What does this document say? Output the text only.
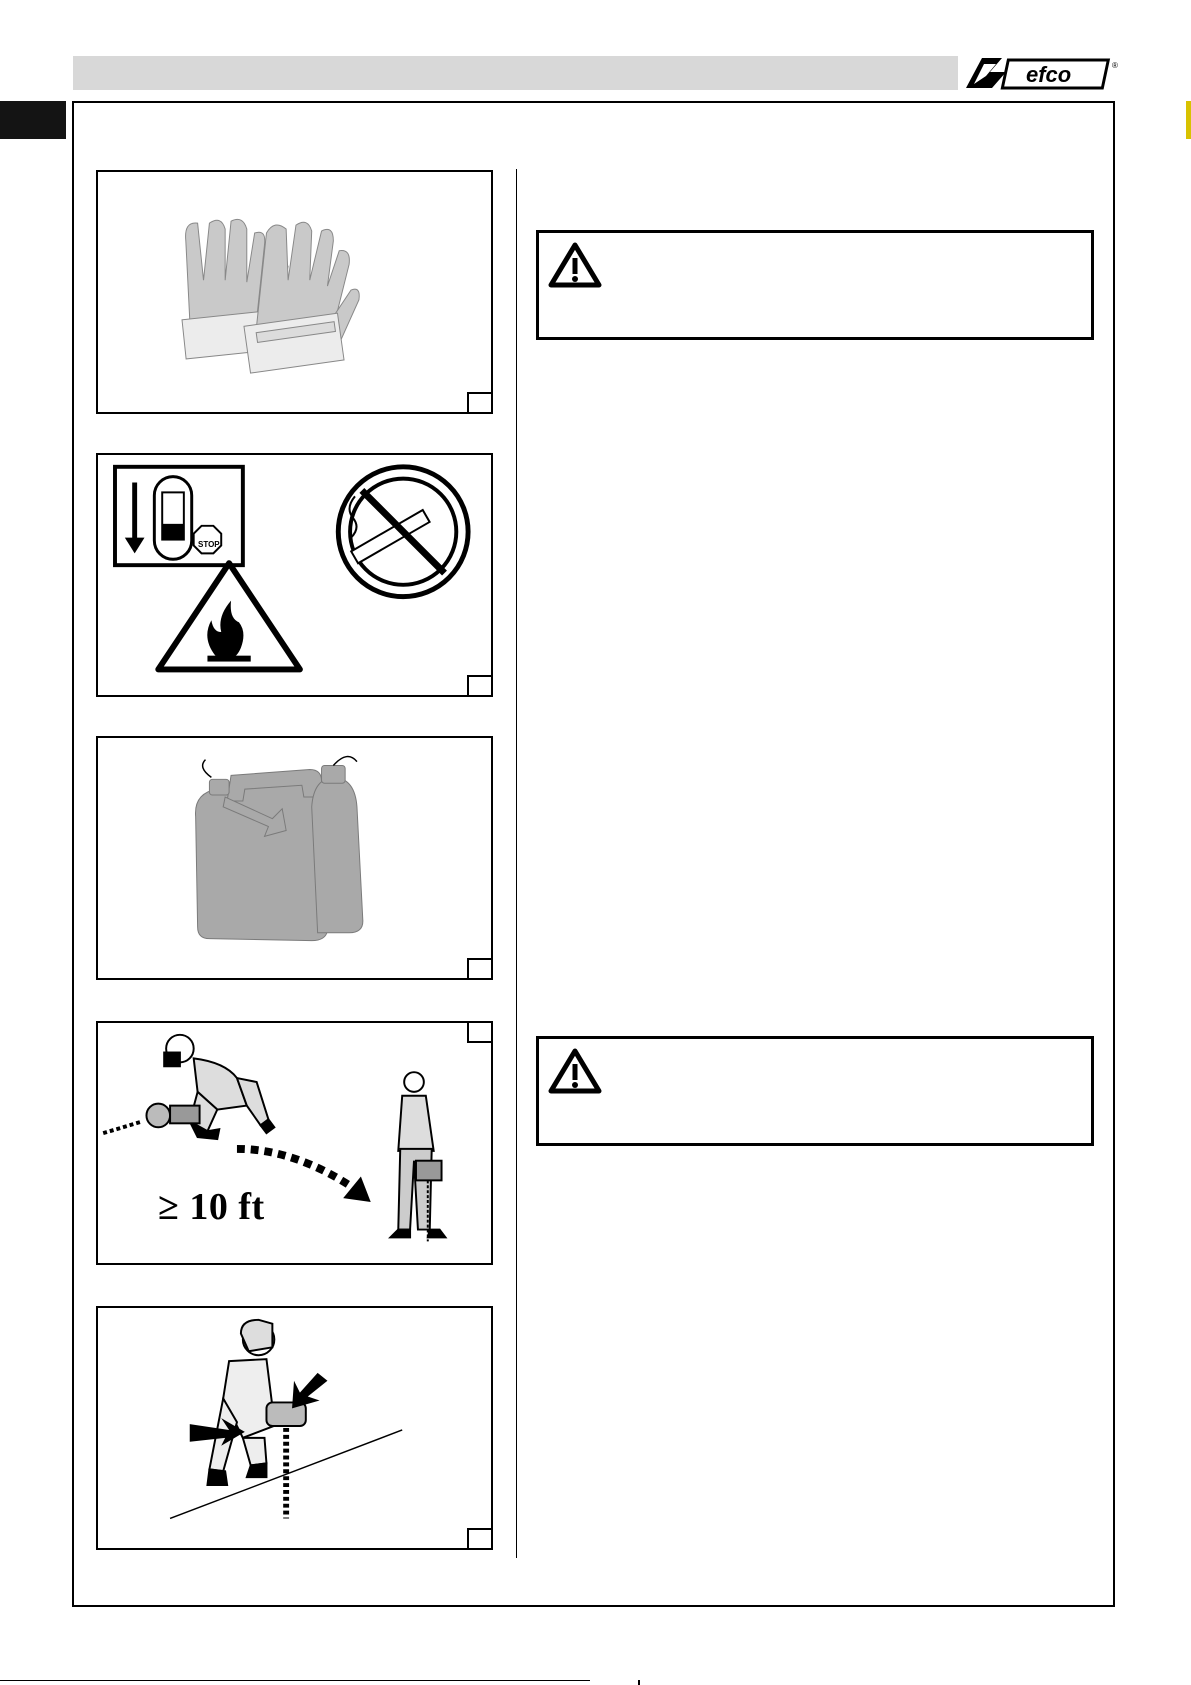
efco	®
STOP
≥ 10 ft
